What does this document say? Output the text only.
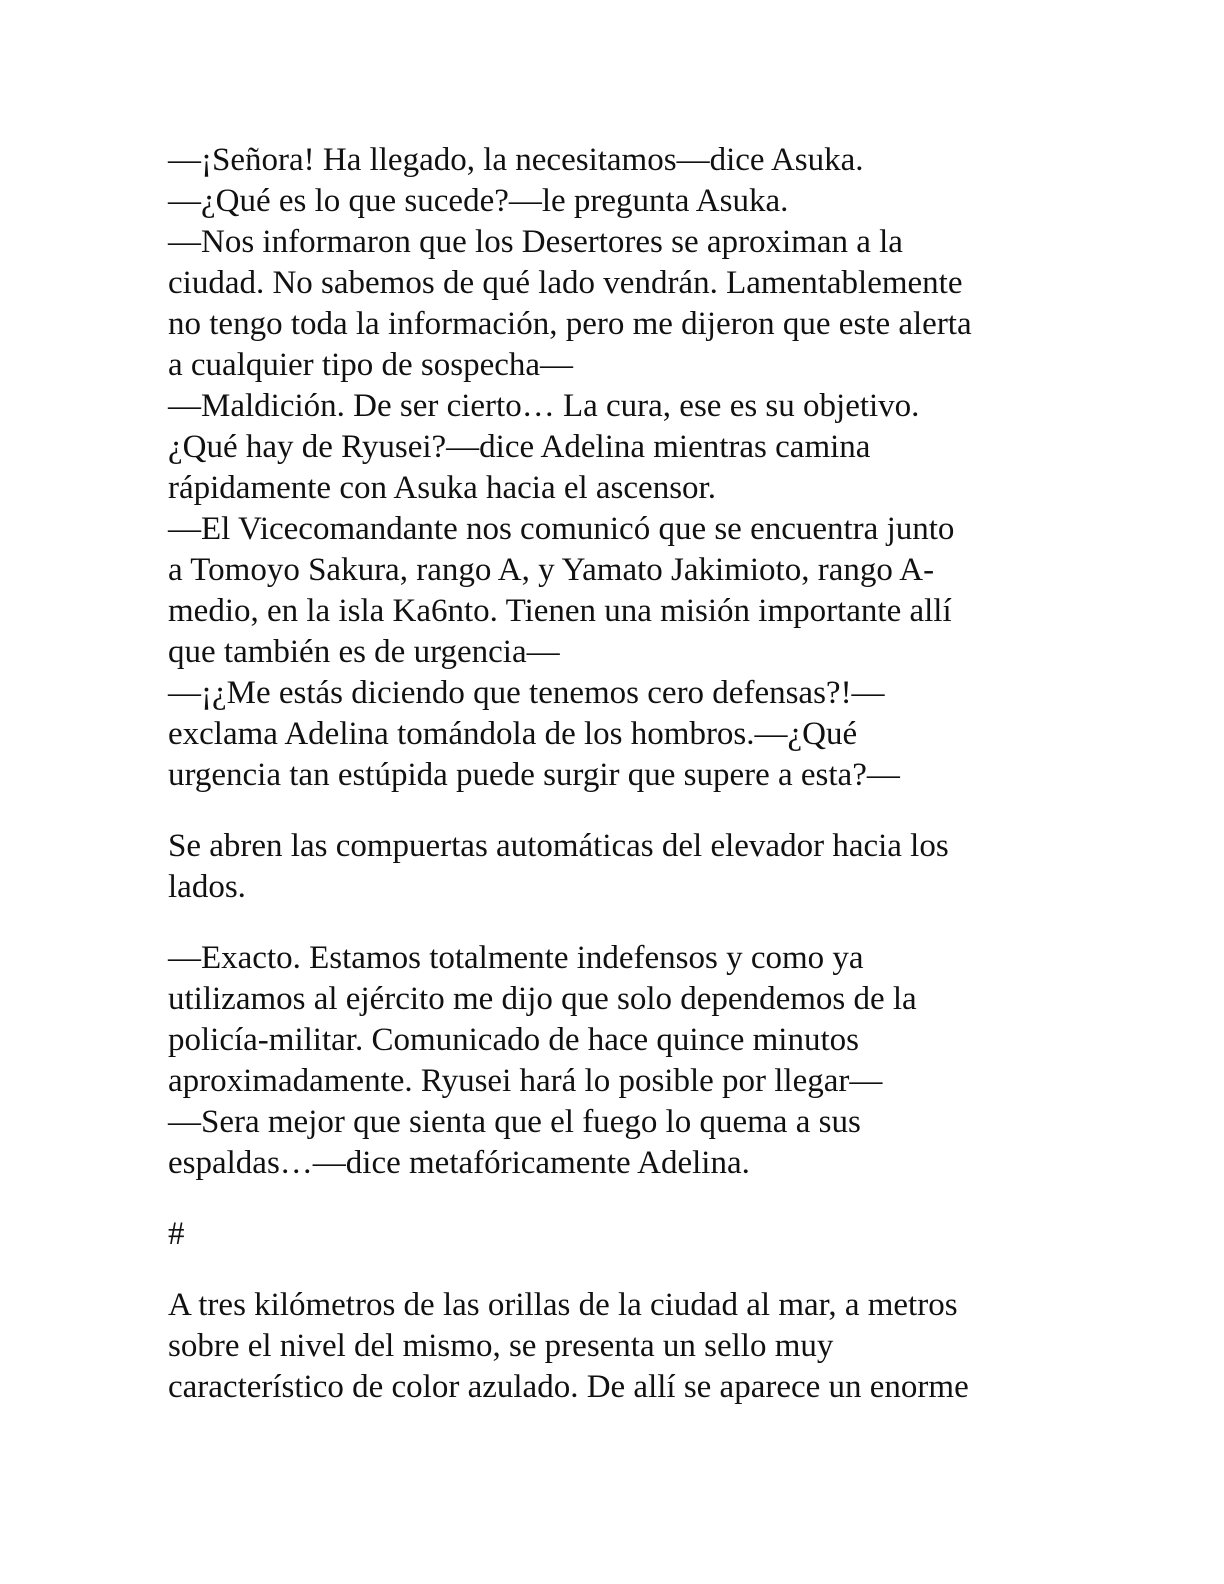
—¡Señora! Ha llegado, la necesitamos—dice Asuka.
—¿Qué es lo que sucede?—le pregunta Asuka.
—Nos informaron que los Desertores se aproximan a la
ciudad. No sabemos de qué lado vendrán. Lamentablemente
no tengo toda la información, pero me dijeron que este alerta
a cualquier tipo de sospecha—
—Maldición. De ser cierto… La cura, ese es su objetivo.
¿Qué hay de Ryusei?—dice Adelina mientras camina
rápidamente con Asuka hacia el ascensor.
—El Vicecomandante nos comunicó que se encuentra junto
a Tomoyo Sakura, rango A, y Yamato Jakimioto, rango A-
medio, en la isla Ka6nto. Tienen una misión importante allí
que también es de urgencia—
—¡¿Me estás diciendo que tenemos cero defensas?!—
exclama Adelina tomándola de los hombros.—¿Qué
urgencia tan estúpida puede surgir que supere a esta?—
Se abren las compuertas automáticas del elevador hacia los
lados.
—Exacto. Estamos totalmente indefensos y como ya
utilizamos al ejército me dijo que solo dependemos de la
policía-militar. Comunicado de hace quince minutos
aproximadamente. Ryusei hará lo posible por llegar—
—Sera mejor que sienta que el fuego lo quema a sus
espaldas…—dice metafóricamente Adelina.
#
A tres kilómetros de las orillas de la ciudad al mar, a metros
sobre el nivel del mismo, se presenta un sello muy
característico de color azulado. De allí se aparece un enorme
